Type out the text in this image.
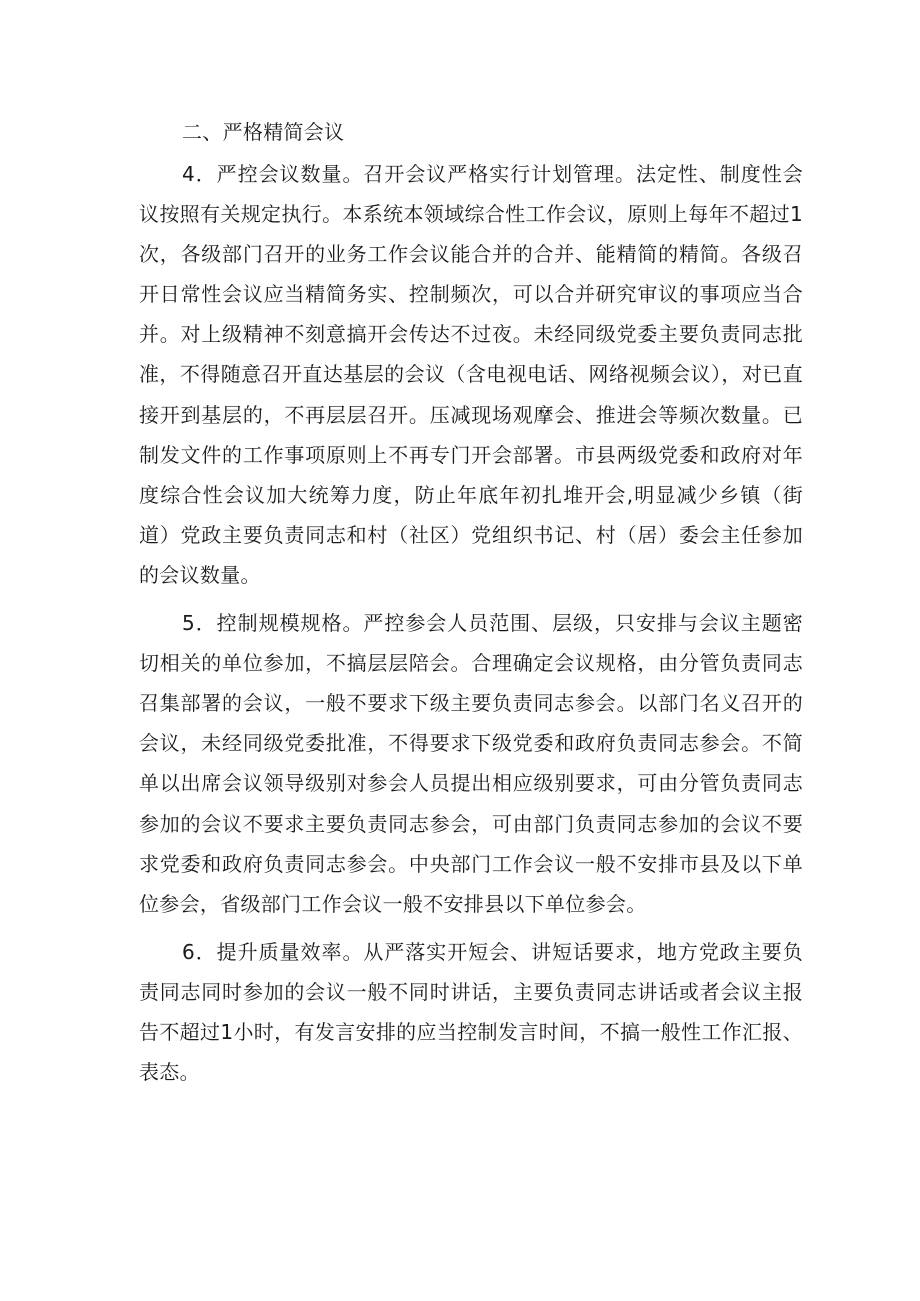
二、严格精简会议

4．严控会议数量。召开会议严格实行计划管理。法定性、制度性会议按照有关规定执行。本系统本领域综合性工作会议，原则上每年不超过1次，各级部门召开的业务工作会议能合并的合并、能精简的精简。各级召开日常性会议应当精简务实、控制频次，可以合并研究审议的事项应当合并。对上级精神不刻意搞开会传达不过夜。未经同级党委主要负责同志批准，不得随意召开直达基层的会议（含电视电话、网络视频会议），对已直接开到基层的，不再层层召开。压减现场观摩会、推进会等频次数量。已制发文件的工作事项原则上不再专门开会部署。市县两级党委和政府对年度综合性会议加大统筹力度，防止年底年初扎堆开会,明显减少乡镇（街道）党政主要负责同志和村（社区）党组织书记、村（居）委会主任参加的会议数量。

5．控制规模规格。严控参会人员范围、层级，只安排与会议主题密切相关的单位参加，不搞层层陪会。合理确定会议规格，由分管负责同志召集部署的会议，一般不要求下级主要负责同志参会。以部门名义召开的会议，未经同级党委批准，不得要求下级党委和政府负责同志参会。不简单以出席会议领导级别对参会人员提出相应级别要求，可由分管负责同志参加的会议不要求主要负责同志参会，可由部门负责同志参加的会议不要求党委和政府负责同志参会。中央部门工作会议一般不安排市县及以下单位参会，省级部门工作会议一般不安排县以下单位参会。

6．提升质量效率。从严落实开短会、讲短话要求，地方党政主要负责同志同时参加的会议一般不同时讲话，主要负责同志讲话或者会议主报告不超过1小时，有发言安排的应当控制发言时间，不搞一般性工作汇报、表态。
